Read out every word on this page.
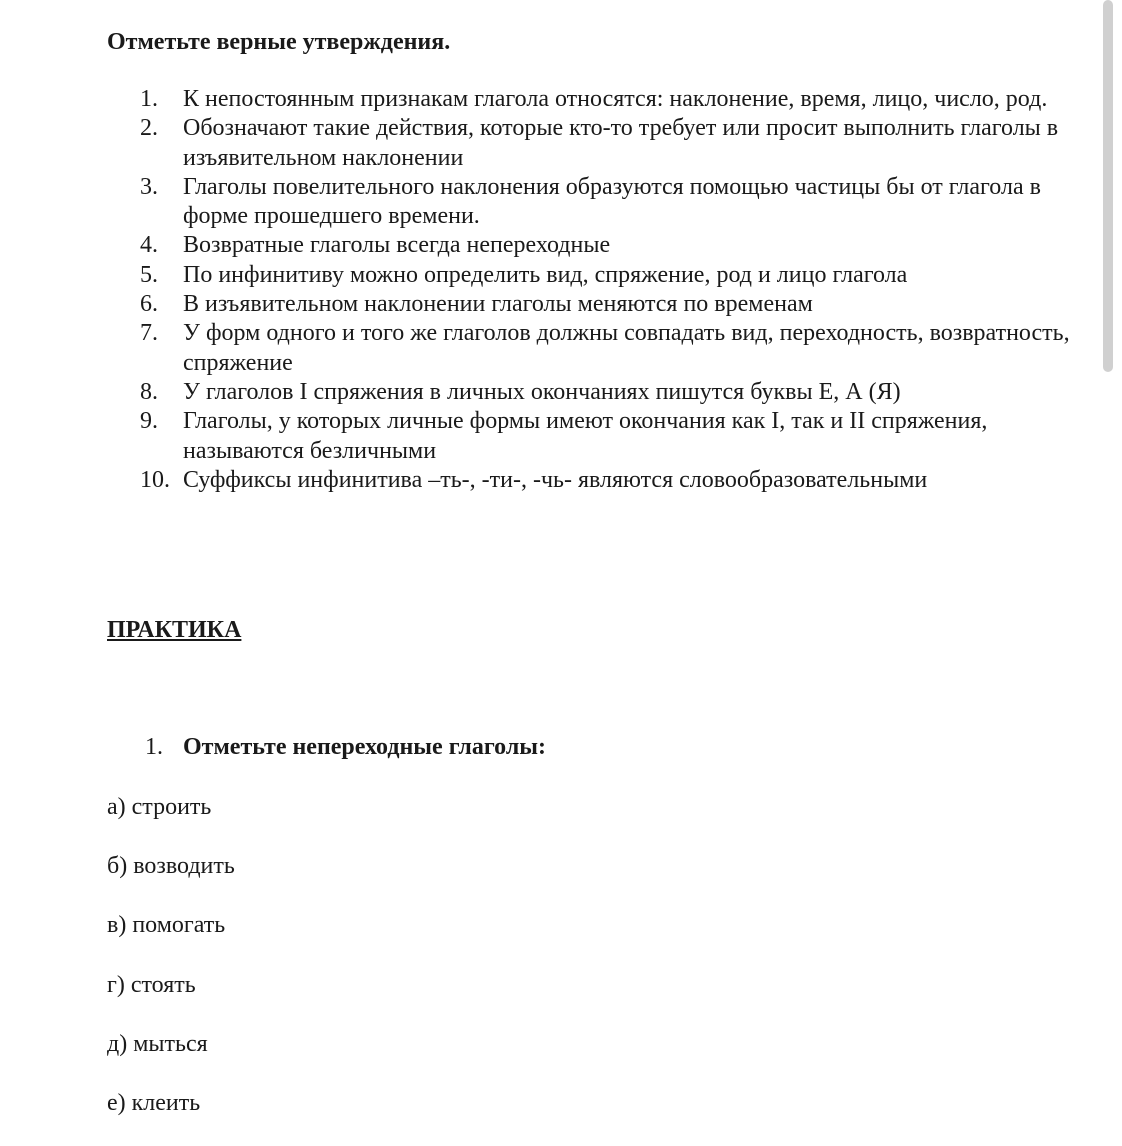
Отметьте верные утверждения.
1.	К непостоянным признакам глагола относятся: наклонение, время, лицо, число, род.
2.	Обозначают такие действия, которые кто-то требует или просит выполнить глаголы в изъявительном наклонении
3.	Глаголы повелительного наклонения образуются помощью частицы бы от глагола в форме прошедшего времени.
4.	Возвратные глаголы всегда непереходные
5.	По инфинитиву можно определить вид, спряжение, род и лицо глагола
6.	В изъявительном наклонении глаголы меняются по временам
7.	У форм одного и того же глаголов должны совпадать вид, переходность, возвратность, спряжение
8.	У глаголов I спряжения в личных окончаниях пишутся буквы Е, А (Я)
9.	Глаголы, у которых личные формы имеют окончания как I, так и II спряжения, называются безличными
10. Суффиксы инфинитива –ть-, -ти-, -чь- являются словообразовательными
ПРАКТИКА
1. Отметьте непереходные глаголы:
а) строить
б) возводить
в) помогать
г) стоять
д) мыться
е) клеить
